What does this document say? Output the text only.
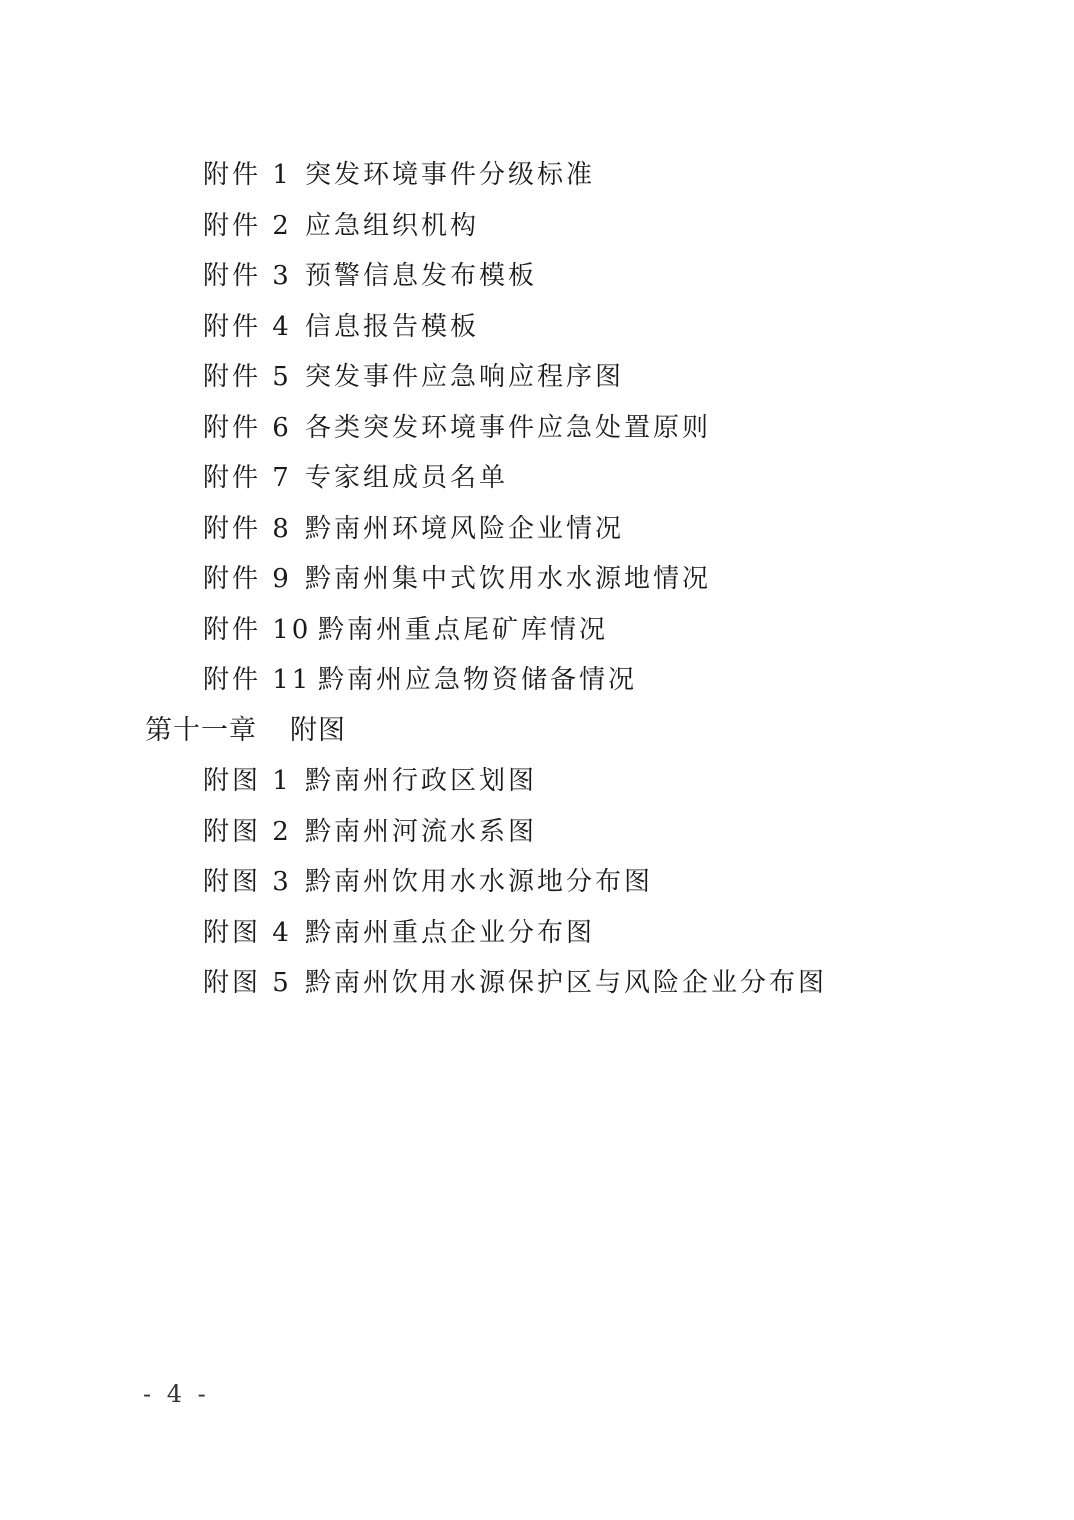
附件 1 突发环境事件分级标准
附件 2 应急组织机构
附件 3 预警信息发布模板
附件 4 信息报告模板
附件 5 突发事件应急响应程序图
附件 6 各类突发环境事件应急处置原则
附件 7 专家组成员名单
附件 8 黔南州环境风险企业情况
附件 9 黔南州集中式饮用水水源地情况
附件 10 黔南州重点尾矿库情况
附件 11 黔南州应急物资储备情况
第十一章 附图
附图 1 黔南州行政区划图
附图 2 黔南州河流水系图
附图 3 黔南州饮用水水源地分布图
附图 4 黔南州重点企业分布图
附图 5 黔南州饮用水源保护区与风险企业分布图
- 4 -
